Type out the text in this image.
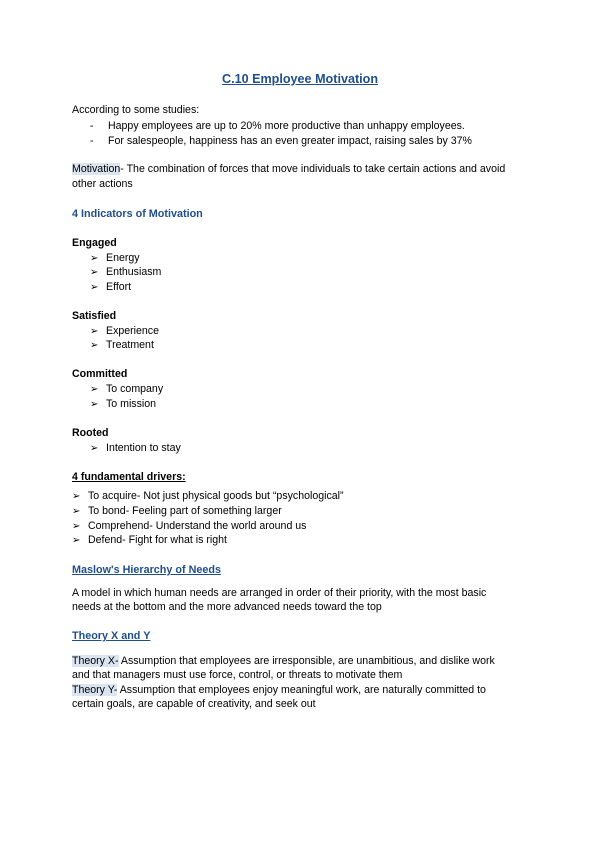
C.10 Employee Motivation
According to some studies:
- Happy employees are up to 20% more productive than unhappy employees.
- For salespeople, happiness has an even greater impact, raising sales by 37%
Motivation- The combination of forces that move individuals to take certain actions and avoid
other actions
4 Indicators of Motivation
Engaged
➢ Energy
➢ Enthusiasm
➢ Effort
Satisfied
➢ Experience
➢ Treatment
Committed
➢ To company
➢ To mission
Rooted
➢ Intention to stay
4 fundamental drivers:
➢ To acquire- Not just physical goods but “psychological”
➢ To bond- Feeling part of something larger
➢ Comprehend- Understand the world around us
➢ Defend- Fight for what is right
Maslow's Hierarchy of Needs
A model in which human needs are arranged in order of their priority, with the most basic
needs at the bottom and the more advanced needs toward the top
Theory X and Y
Theory X- Assumption that employees are irresponsible, are unambitious, and dislike work
and that managers must use force, control, or threats to motivate them
Theory Y- Assumption that employees enjoy meaningful work, are naturally committed to
certain goals, are capable of creativity, and seek out
